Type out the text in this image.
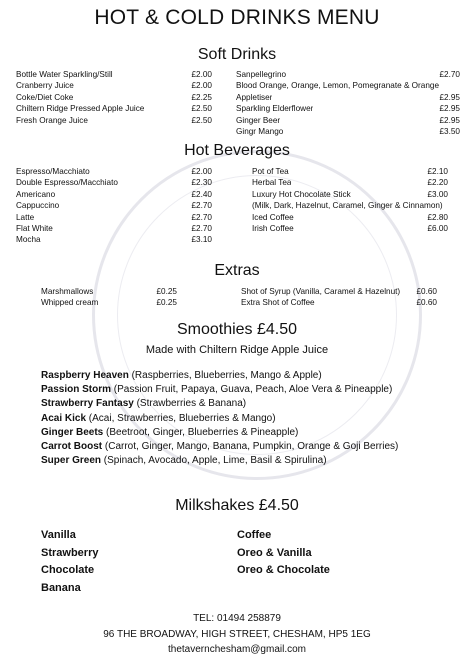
HOT & COLD DRINKS MENU
Soft Drinks
Bottle Water Sparkling/Still	£2.00
Cranberry Juice	£2.00
Coke/Diet Coke	£2.25
Chiltern Ridge Pressed Apple Juice	£2.50
Fresh Orange Juice	£2.50
Sanpellegrino	£2.70
Blood Orange, Orange, Lemon, Pomegranate & Orange
Appletiser	£2.95
Sparkling Elderflower	£2.95
Ginger Beer	£2.95
Gingr Mango	£3.50
Hot Beverages
Espresso/Macchiato	£2.00
Double Espresso/Macchiato	£2.30
Americano	£2.40
Cappuccino	£2.70
Latte	£2.70
Flat White	£2.70
Mocha	£3.10
Pot of Tea	£2.10
Herbal Tea	£2.20
Luxury Hot Chocolate Stick	£3.00
(Milk, Dark, Hazelnut, Caramel, Ginger & Cinnamon)
Iced Coffee	£2.80
Irish Coffee	£6.00
Extras
Marshmallows	£0.25
Whipped cream	£0.25
Shot of Syrup (Vanilla, Caramel & Hazelnut)	£0.60
Extra Shot of Coffee	£0.60
Smoothies £4.50
Made with Chiltern Ridge Apple Juice
Raspberry Heaven (Raspberries, Blueberries, Mango & Apple)
Passion Storm (Passion Fruit, Papaya, Guava, Peach, Aloe Vera & Pineapple)
Strawberry Fantasy (Strawberries & Banana)
Acai Kick (Acai, Strawberries, Blueberries & Mango)
Ginger Beets (Beetroot, Ginger, Blueberries & Pineapple)
Carrot Boost (Carrot, Ginger, Mango, Banana, Pumpkin, Orange & Goji Berries)
Super Green (Spinach, Avocado, Apple, Lime, Basil & Spirulina)
Milkshakes £4.50
Vanilla
Strawberry
Chocolate
Banana
Coffee
Oreo & Vanilla
Oreo & Chocolate
TEL: 01494 258879
96 THE BROADWAY, HIGH STREET, CHESHAM, HP5 1EG
thetavernchesham@gmail.com
